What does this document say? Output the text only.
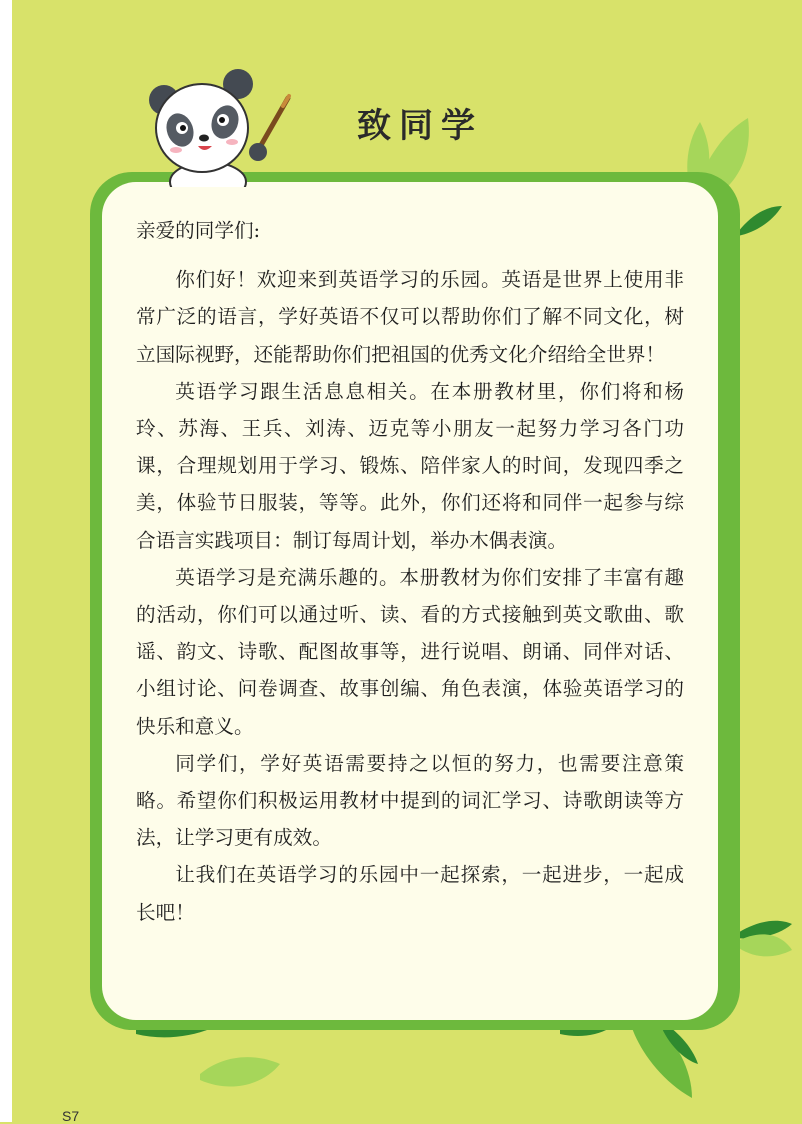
致同学

亲爱的同学们:

你们好！欢迎来到英语学习的乐园。英语是世界上使用非常广泛的语言，学好英语不仅可以帮助你们了解不同文化，树立国际视野，还能帮助你们把祖国的优秀文化介绍给全世界！

英语学习跟生活息息相关。在本册教材里，你们将和杨玲、苏海、王兵、刘涛、迈克等小朋友一起努力学习各门功课，合理规划用于学习、锻炼、陪伴家人的时间，发现四季之美，体验节日服装，等等。此外，你们还将和同伴一起参与综合语言实践项目：制订每周计划，举办木偶表演。

英语学习是充满乐趣的。本册教材为你们安排了丰富有趣的活动，你们可以通过听、读、看的方式接触到英文歌曲、歌谣、韵文、诗歌、配图故事等，进行说唱、朗诵、同伴对话、小组讨论、问卷调查、故事创编、角色表演，体验英语学习的快乐和意义。

同学们，学好英语需要持之以恒的努力，也需要注意策略。希望你们积极运用教材中提到的词汇学习、诗歌朗读等方法，让学习更有成效。

让我们在英语学习的乐园中一起探索，一起进步，一起成长吧！

S7
